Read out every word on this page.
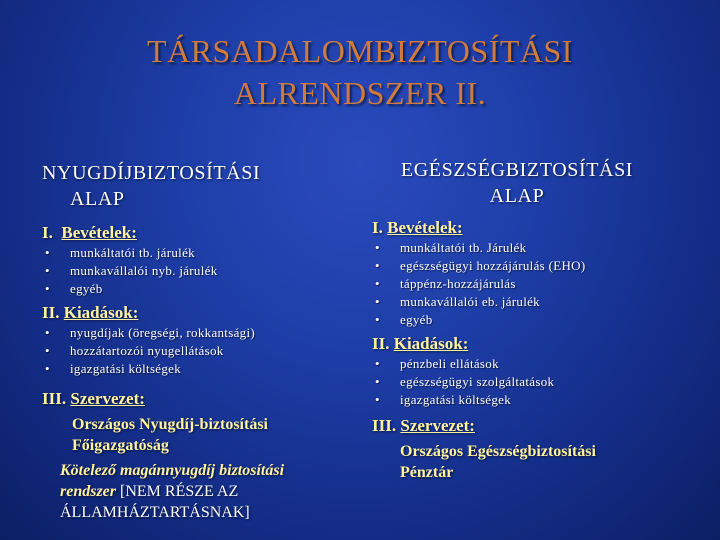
TÁRSADALOMBIZTOSÍTÁSI
ALRENDSZER II.
NYUGDÍJBIZTOSÍTÁSI
ALAP
I. Bevételek:
• munkáltatói tb. járulék
• munkavállalói nyb. járulék
• egyéb
II. Kiadások:
• nyugdíjak (öregségi, rokkantsági)
• hozzátartozói nyugellátások
• igazgatási költségek
III. Szervezet:
Országos Nyugdíj-biztosítási
Főigazgatóság
Kötelező magánnyugdíj biztosítási
rendszer [NEM RÉSZE AZ
ÁLLAMHÁZTARTÁSNAK]
EGÉSZSÉGBIZTOSÍTÁSI
ALAP
I. Bevételek:
• munkáltatói tb. Járulék
• egészségügyi hozzájárulás (EHO)
• táppénz-hozzájárulás
• munkavállalói eb. járulék
• egyéb
II. Kiadások:
• pénzbeli ellátások
• egészségügyi szolgáltatások
• igazgatási költségek
III. Szervezet:
Országos Egészségbiztosítási
Pénztár
